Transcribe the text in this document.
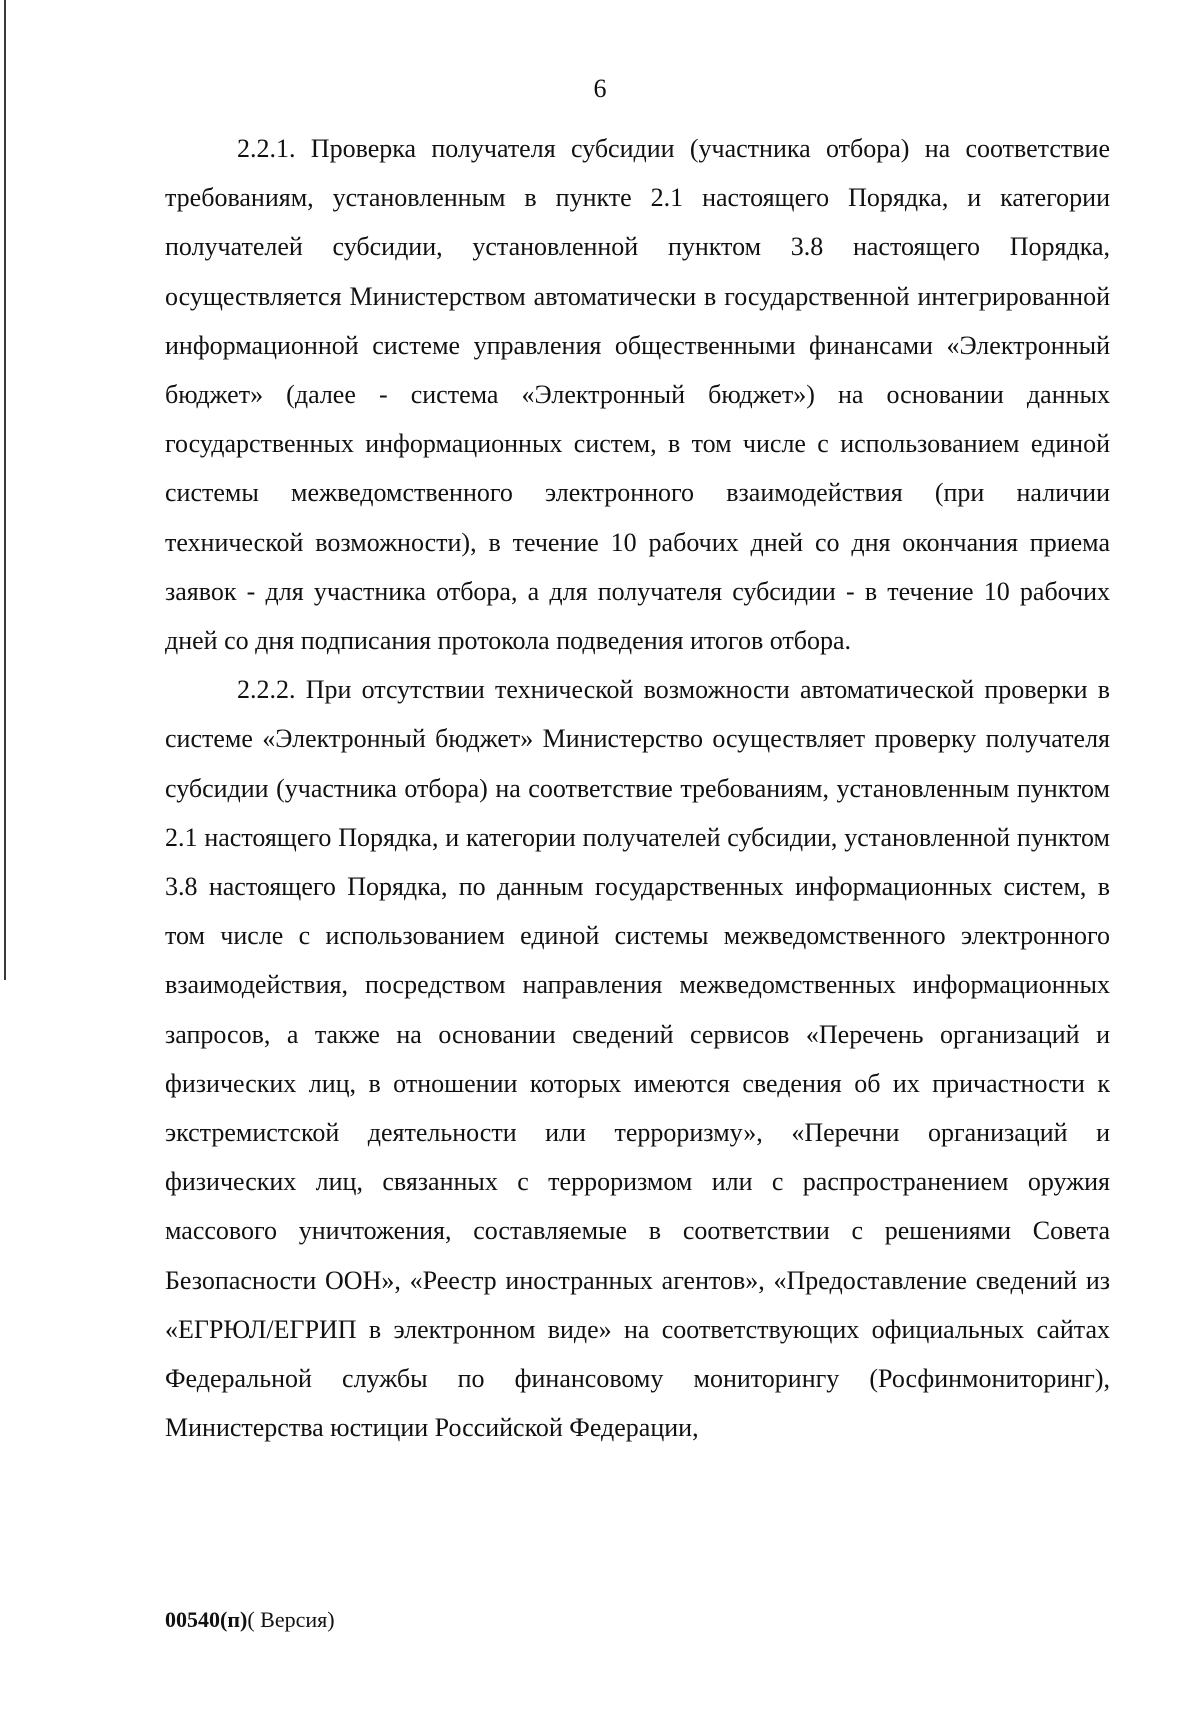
6

2.2.1. Проверка получателя субсидии (участника отбора) на соответствие требованиям, установленным в пункте 2.1 настоящего Порядка, и категории получателей субсидии, установленной пунктом 3.8 настоящего Порядка, осуществляется Министерством автоматически в государственной интегрированной информационной системе управления общественными финансами «Электронный бюджет» (далее - система «Электронный бюджет») на основании данных государственных информационных систем, в том числе с использованием единой системы межведомственного электронного взаимодействия (при наличии технической возможности), в течение 10 рабочих дней со дня окончания приема заявок - для участника отбора, а для получателя субсидии - в течение 10 рабочих дней со дня подписания протокола подведения итогов отбора.

2.2.2. При отсутствии технической возможности автоматической проверки в системе «Электронный бюджет» Министерство осуществляет проверку получателя субсидии (участника отбора) на соответствие требованиям, установленным пунктом 2.1 настоящего Порядка, и категории получателей субсидии, установленной пунктом 3.8 настоящего Порядка, по данным государственных информационных систем, в том числе с использованием единой системы межведомственного электронного взаимодействия, посредством направления межведомственных информационных запросов, а также на основании сведений сервисов «Перечень организаций и физических лиц, в отношении которых имеются сведения об их причастности к экстремистской деятельности или терроризму», «Перечни организаций и физических лиц, связанных с терроризмом или с распространением оружия массового уничтожения, составляемые в соответствии с решениями Совета Безопасности ООН», «Реестр иностранных агентов», «Предоставление сведений из «ЕГРЮЛ/ЕГРИП в электронном виде» на соответствующих официальных сайтах Федеральной службы по финансовому мониторингу (Росфинмониторинг), Министерства юстиции Российской Федерации,

00540(п)( Версия)
